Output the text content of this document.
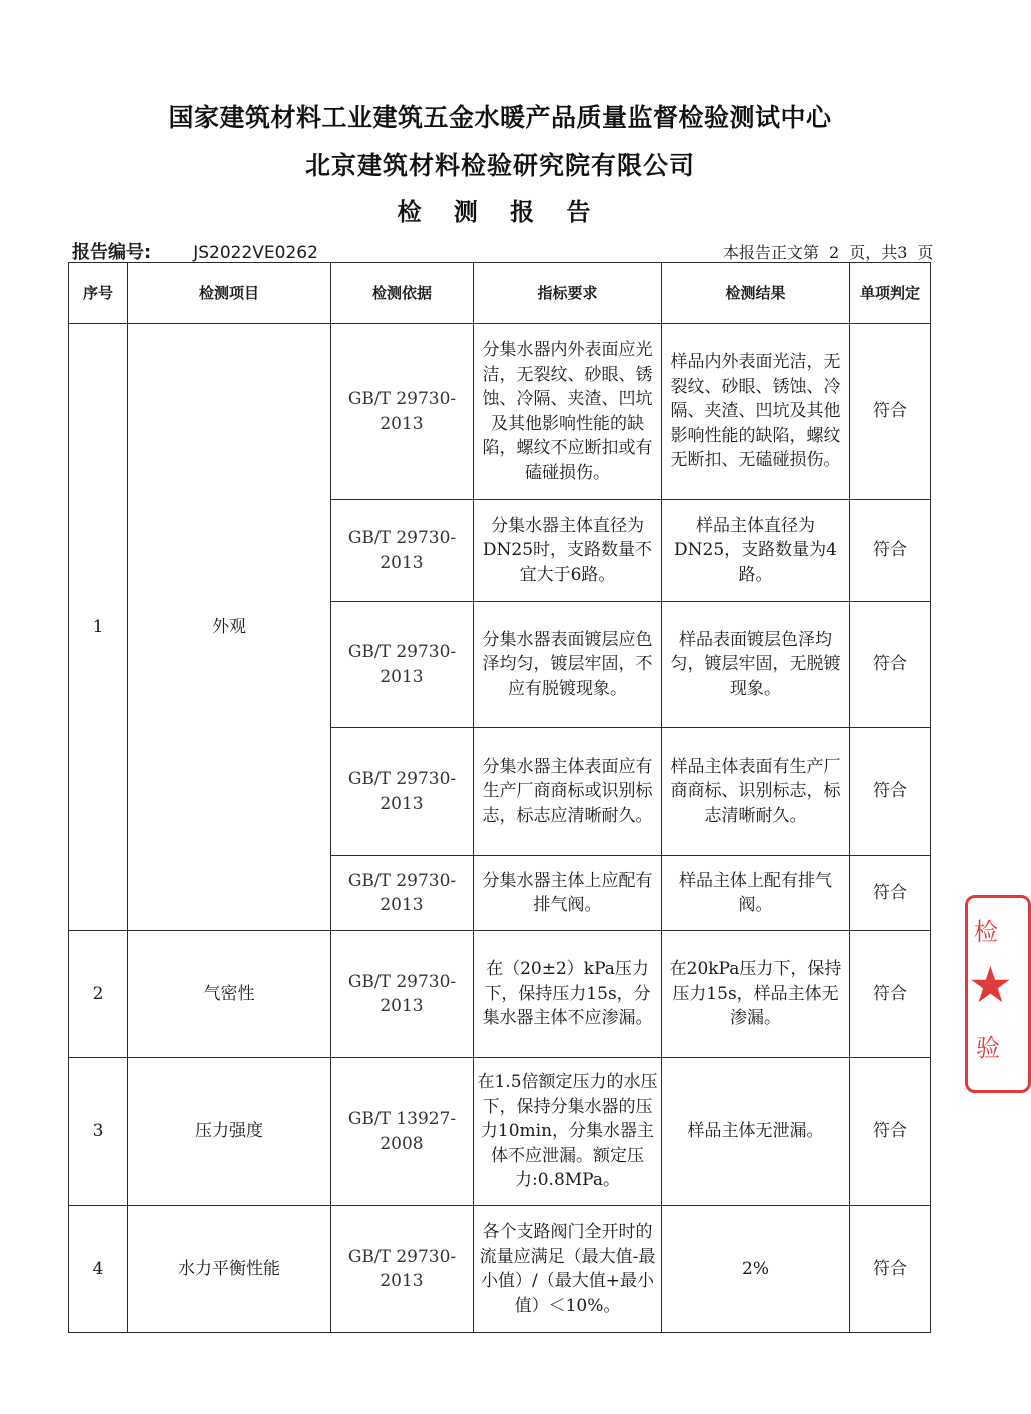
国家建筑材料工业建筑五金水暖产品质量监督检验测试中心
北京建筑材料检验研究院有限公司
检 测 报 告
报告编号: JS2022VE0262	本报告正文第 2 页，共3 页
序号	检测项目	检测依据	指标要求	检测结果	单项判定
1	外观	GB/T 29730-2013	分集水器内外表面应光洁，无裂纹、砂眼、锈蚀、冷隔、夹渣、凹坑及其他影响性能的缺陷，螺纹不应断扣或有磕碰损伤。	样品内外表面光洁，无裂纹、砂眼、锈蚀、冷隔、夹渣、凹坑及其他影响性能的缺陷，螺纹无断扣、无磕碰损伤。	符合
		GB/T 29730-2013	分集水器主体直径为DN25时，支路数量不宜大于6路。	样品主体直径为DN25，支路数量为4路。	符合
		GB/T 29730-2013	分集水器表面镀层应色泽均匀，镀层牢固，不应有脱镀现象。	样品表面镀层色泽均匀，镀层牢固，无脱镀现象。	符合
		GB/T 29730-2013	分集水器主体表面应有生产厂商商标或识别标志，标志应清晰耐久。	样品主体表面有生产厂商商标、识别标志，标志清晰耐久。	符合
		GB/T 29730-2013	分集水器主体上应配有排气阀。	样品主体上配有排气阀。	符合
2	气密性	GB/T 29730-2013	在（20±2）kPa压力下，保持压力15s，分集水器主体不应渗漏。	在20kPa压力下，保持压力15s，样品主体无渗漏。	符合
3	压力强度	GB/T 13927-2008	在1.5倍额定压力的水压下，保持分集水器的压力10min，分集水器主体不应泄漏。额定压力:0.8MPa。	样品主体无泄漏。	符合
4	水力平衡性能	GB/T 29730-2013	各个支路阀门全开时的流量应满足（最大值-最小值）/（最大值+最小值）＜10%。	2%	符合
检
★
验
